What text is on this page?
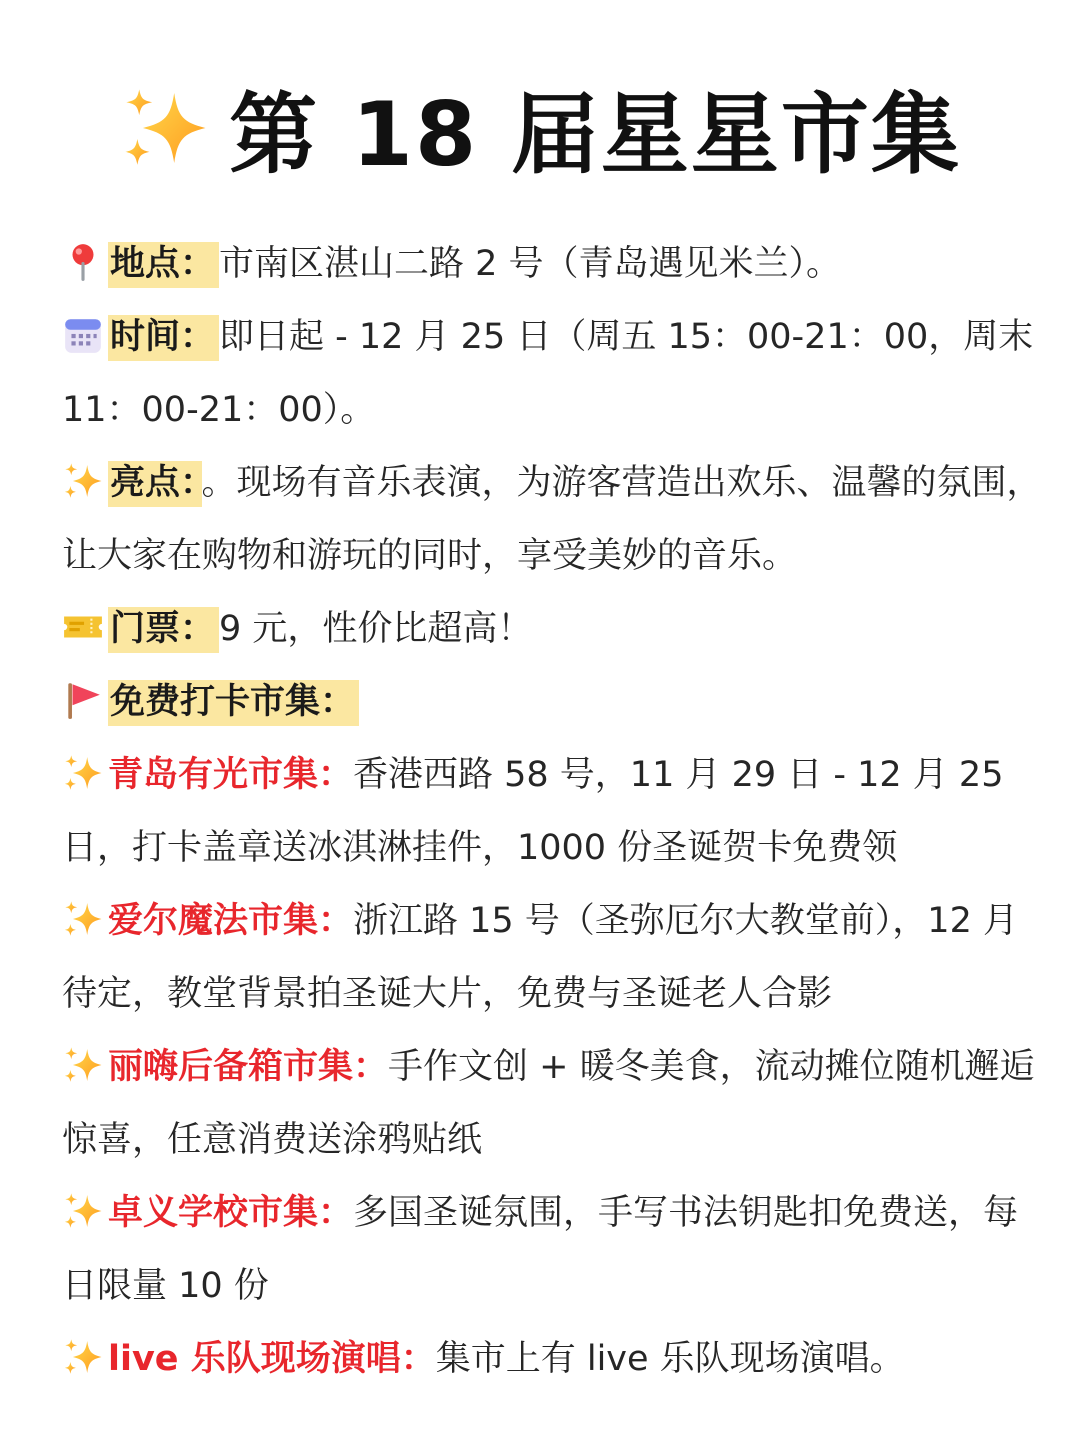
第 18 届星星市集
地点： 市南区湛山二路 2 号（青岛遇见米兰）。
时间： 即日起 - 12 月 25 日（周五 15：00-21：00，周末 11：00-21：00）。
亮点： 。现场有音乐表演，为游客营造出欢乐、温馨的氛围，让大家在购物和游玩的同时，享受美妙的音乐。
门票： 9 元，性价比超高！
免费打卡市集：
青岛有光市集：香港西路 58 号，11 月 29 日 - 12 月 25 日，打卡盖章送冰淇淋挂件，1000 份圣诞贺卡免费领
爱尔魔法市集：浙江路 15 号（圣弥厄尔大教堂前），12 月待定，教堂背景拍圣诞大片，免费与圣诞老人合影
丽嗨后备箱市集：手作文创 + 暖冬美食，流动摊位随机邂逅惊喜，任意消费送涂鸦贴纸
卓义学校市集：多国圣诞氛围，手写书法钥匙扣免费送，每日限量 10 份
live 乐队现场演唱：集市上有 live 乐队现场演唱。
